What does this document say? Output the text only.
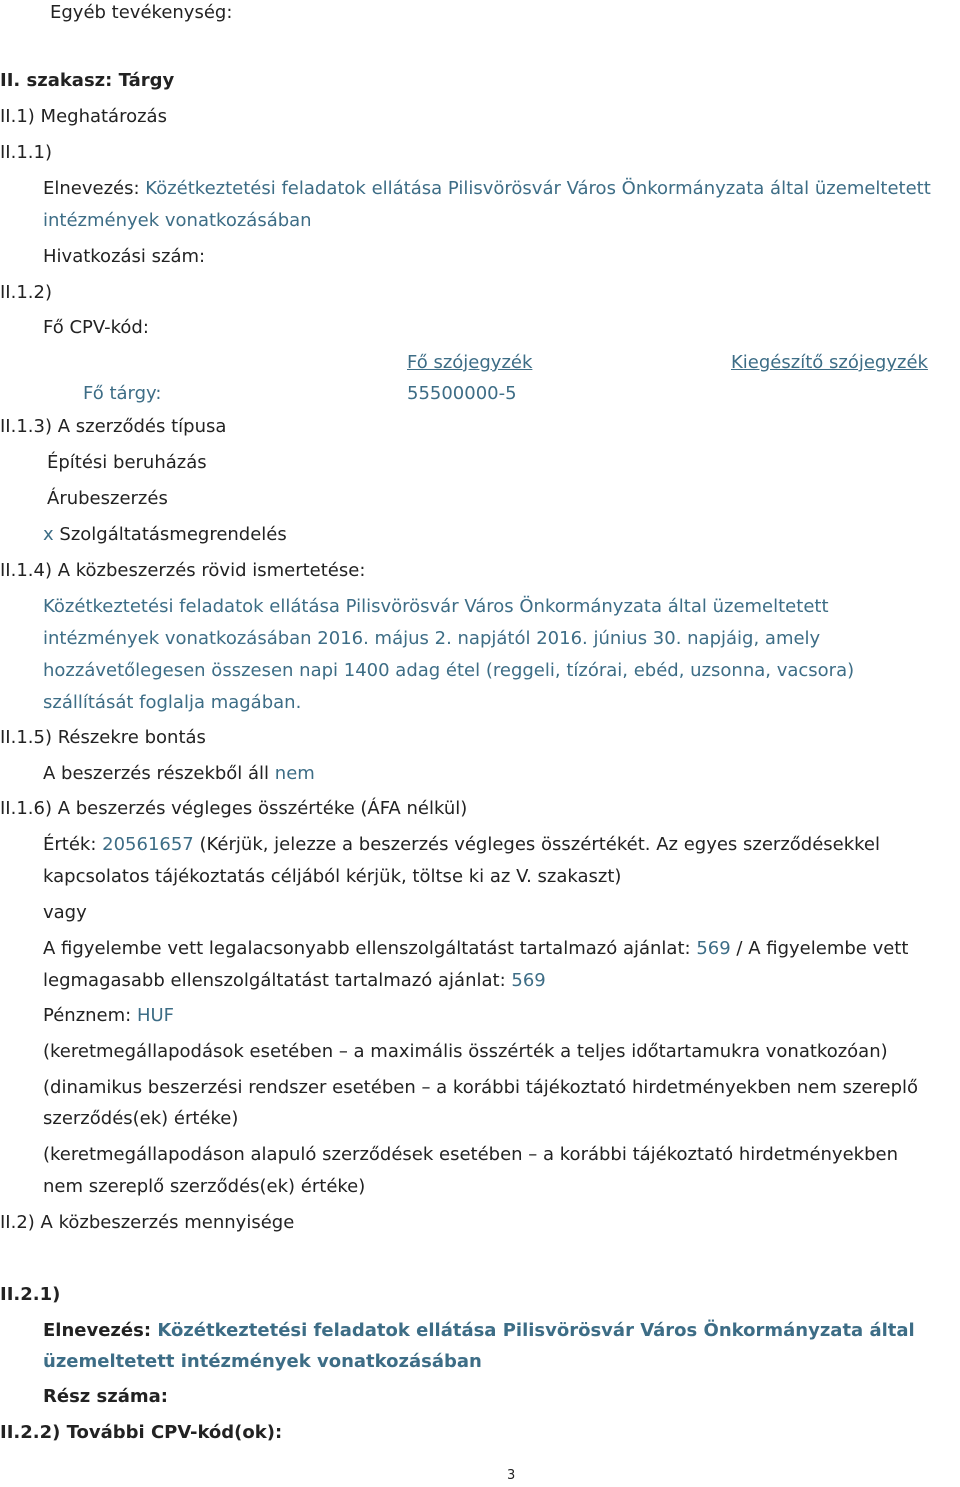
Egyéb tevékenység:
II. szakasz: Tárgy
II.1) Meghatározás
II.1.1)
Elnevezés: Közétkeztetési feladatok ellátása Pilisvörösvár Város Önkormányzata által üzemeltetett
intézmények vonatkozásában
Hivatkozási szám:
II.1.2)
Fő CPV-kód:
Fő szójegyzék	Kiegészítő szójegyzék
Fő tárgy:	55500000-5
II.1.3) A szerződés típusa
Építési beruházás
Árubeszerzés
x Szolgáltatásmegrendelés
II.1.4) A közbeszerzés rövid ismertetése:
Közétkeztetési feladatok ellátása Pilisvörösvár Város Önkormányzata által üzemeltetett
intézmények vonatkozásában 2016. május 2. napjától 2016. június 30. napjáig, amely
hozzávetőlegesen összesen napi 1400 adag étel (reggeli, tízórai, ebéd, uzsonna, vacsora)
szállítását foglalja magában.
II.1.5) Részekre bontás
A beszerzés részekből áll nem
II.1.6) A beszerzés végleges összértéke (ÁFA nélkül)
Érték: 20561657 (Kérjük, jelezze a beszerzés végleges összértékét. Az egyes szerződésekkel
kapcsolatos tájékoztatás céljából kérjük, töltse ki az V. szakaszt)
vagy
A figyelembe vett legalacsonyabb ellenszolgáltatást tartalmazó ajánlat: 569 / A figyelembe vett
legmagasabb ellenszolgáltatást tartalmazó ajánlat: 569
Pénznem: HUF
(keretmegállapodások esetében – a maximális összérték a teljes időtartamukra vonatkozóan)
(dinamikus beszerzési rendszer esetében – a korábbi tájékoztató hirdetményekben nem szereplő
szerződés(ek) értéke)
(keretmegállapodáson alapuló szerződések esetében – a korábbi tájékoztató hirdetményekben
nem szereplő szerződés(ek) értéke)
II.2) A közbeszerzés mennyisége
II.2.1)
Elnevezés: Közétkeztetési feladatok ellátása Pilisvörösvár Város Önkormányzata által
üzemeltetett intézmények vonatkozásában
Rész száma:
II.2.2) További CPV-kód(ok):
3
